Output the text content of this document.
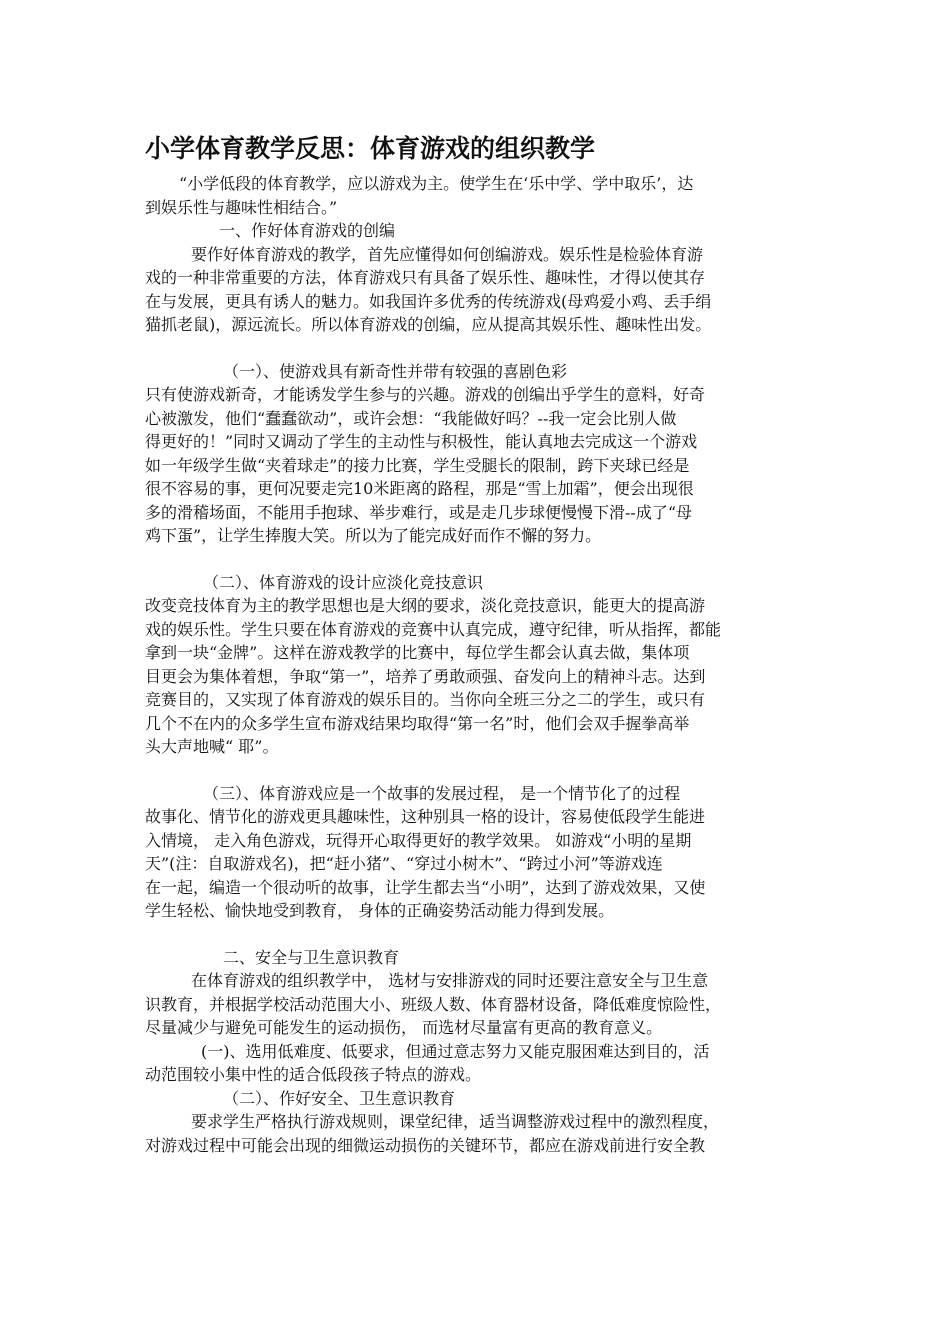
小学体育教学反思：体育游戏的组织教学
“小学低段的体育教学，应以游戏为主。使学生在‘乐中学、学中取乐’，达
到娱乐性与趣味性相结合。”
一、作好体育游戏的创编
要作好体育游戏的教学，首先应懂得如何创编游戏。娱乐性是检验体育游
戏的一种非常重要的方法，体育游戏只有具备了娱乐性、趣味性，才得以使其存
在与发展，更具有诱人的魅力。如我国许多优秀的传统游戏(母鸡爱小鸡、丢手绢
猫抓老鼠)，源远流长。所以体育游戏的创编，应从提高其娱乐性、趣味性出发。
（一）、使游戏具有新奇性并带有较强的喜剧色彩
只有使游戏新奇，才能诱发学生参与的兴趣。游戏的创编出乎学生的意料，好奇
心被激发，他们“蠢蠢欲动”，或许会想：“我能做好吗？--我一定会比别人做
得更好的！”同时又调动了学生的主动性与积极性，能认真地去完成这一个游戏
如一年级学生做“夹着球走”的接力比赛，学生受腿长的限制，跨下夹球已经是
很不容易的事，更何况要走完10米距离的路程，那是“雪上加霜”，便会出现很
多的滑稽场面，不能用手抱球、举步难行，或是走几步球便慢慢下滑--成了“母
鸡下蛋”，让学生捧腹大笑。所以为了能完成好而作不懈的努力。
（二）、体育游戏的设计应淡化竞技意识
改变竞技体育为主的教学思想也是大纲的要求，淡化竞技意识，能更大的提高游
戏的娱乐性。学生只要在体育游戏的竞赛中认真完成，遵守纪律，听从指挥，都能
拿到一块“金牌”。这样在游戏教学的比赛中，每位学生都会认真去做，集体项
目更会为集体着想，争取“第一”，培养了勇敢顽强、奋发向上的精神斗志。达到
竞赛目的，又实现了体育游戏的娱乐目的。当你向全班三分之二的学生，或只有
几个不在内的众多学生宣布游戏结果均取得“第一名”时，他们会双手握拳高举
头大声地喊“ 耶”。
（三）、体育游戏应是一个故事的发展过程， 是一个情节化了的过程
故事化、情节化的游戏更具趣味性，这种别具一格的设计，容易使低段学生能进
入情境， 走入角色游戏，玩得开心取得更好的教学效果。 如游戏“小明的星期
天”(注：自取游戏名)，把“赶小猪”、“穿过小树木”、“跨过小河”等游戏连
在一起，编造一个很动听的故事，让学生都去当“小明”，达到了游戏效果，又使
学生轻松、愉快地受到教育， 身体的正确姿势活动能力得到发展。
二、安全与卫生意识教育
在体育游戏的组织教学中， 选材与安排游戏的同时还要注意安全与卫生意
识教育，并根据学校活动范围大小、班级人数、体育器材设备，降低难度惊险性，
尽量减少与避免可能发生的运动损伤， 而选材尽量富有更高的教育意义。
(一)、选用低难度、低要求，但通过意志努力又能克服困难达到目的，活
动范围较小集中性的适合低段孩子特点的游戏。
（二）、作好安全、卫生意识教育
要求学生严格执行游戏规则，课堂纪律，适当调整游戏过程中的激烈程度，
对游戏过程中可能会出现的细微运动损伤的关键环节，都应在游戏前进行安全教
